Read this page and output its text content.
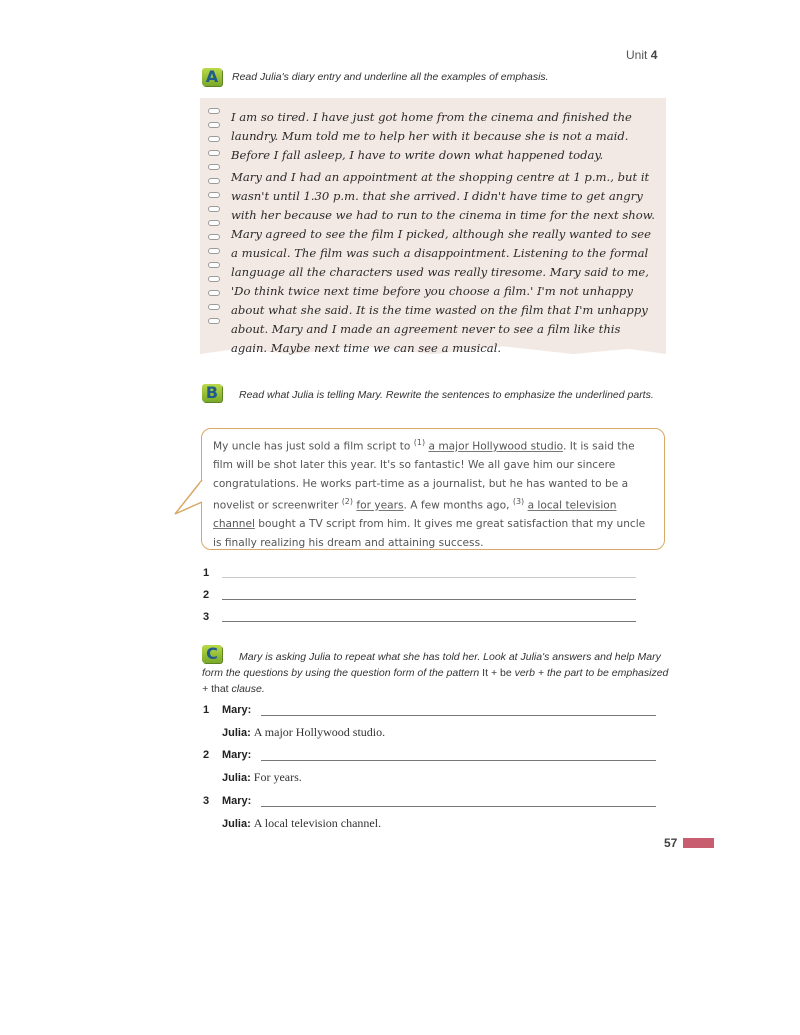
Unit 4
A	Read Julia's diary entry and underline all the examples of emphasis.

I am so tired. I have just got home from the cinema and finished the laundry. Mum told me to help her with it because she is not a maid. Before I fall asleep, I have to write down what happened today.

Mary and I had an appointment at the shopping centre at 1 p.m., but it wasn't until 1.30 p.m. that she arrived. I didn't have time to get angry with her because we had to run to the cinema in time for the next show. Mary agreed to see the film I picked, although she really wanted to see a musical. The film was such a disappointment. Listening to the formal language all the characters used was really tiresome. Mary said to me, 'Do think twice next time before you choose a film.' I'm not unhappy about what she said. It is the time wasted on the film that I'm unhappy about. Mary and I made an agreement never to see a film like this again. Maybe next time we can see a musical.

B	Read what Julia is telling Mary. Rewrite the sentences to emphasize the underlined parts.
My uncle has just sold a film script to $^{(1)}$ a major Hollywood studio. It is said the film will be shot later this year. It's so fantastic! We all gave him our sincere congratulations. He works part-time as a journalist, but he has wanted to be a novelist or screenwriter $^{(2)}$ for years. A few months ago, $^{(3)}$ a local television channel bought a TV script from him. It gives me great satisfaction that my uncle is finally realizing his dream and attaining success.
1
2
3
C	Mary is asking Julia to repeat what she has told her. Look at Julia's answers and help Mary form the questions by using the question form of the pattern It + be verb + the part to be emphasized + that clause.
1 Mary:
Julia: A major Hollywood studio.
2 Mary:
Julia: For years.
3 Mary:
Julia: A local television channel.
57
